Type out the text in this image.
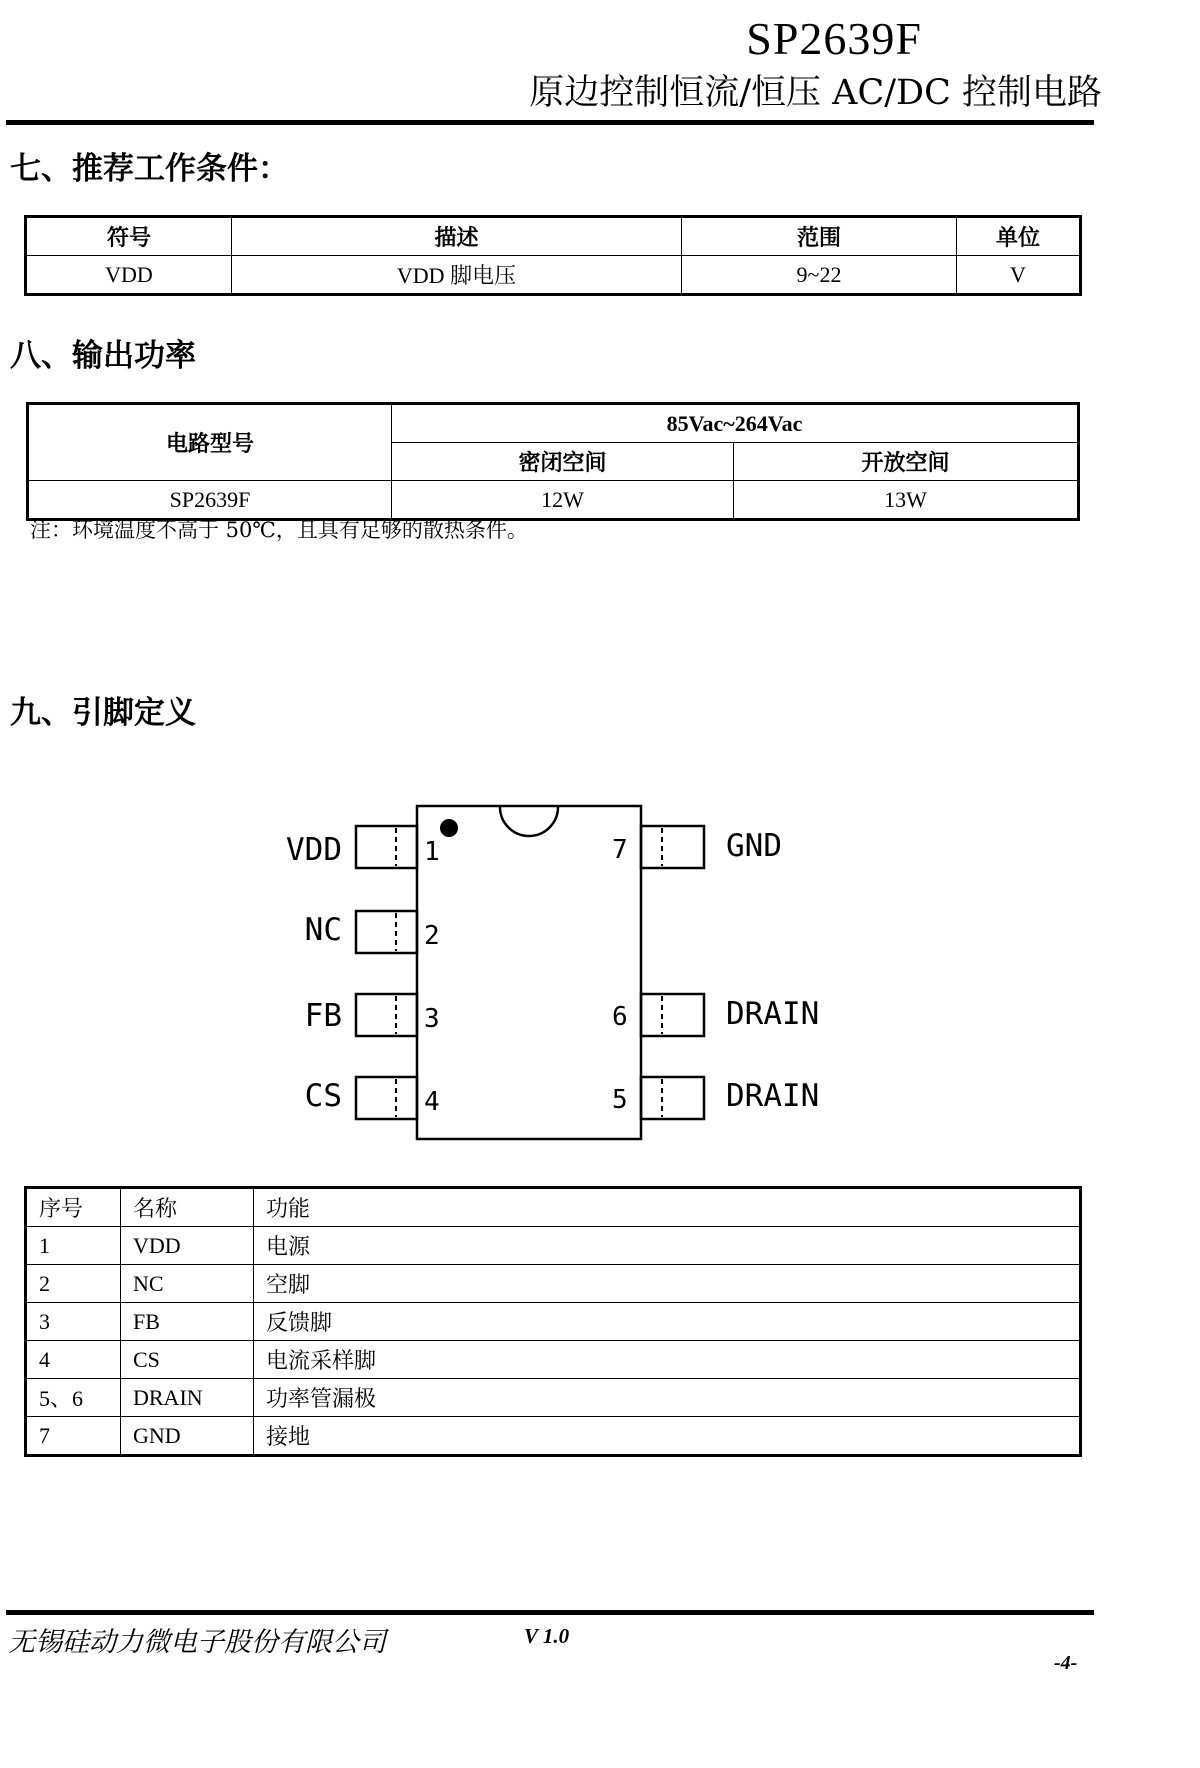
SP2639F
原边控制恒流/恒压 AC/DC 控制电路
七、推荐工作条件：
符号	描述	范围	单位
VDD	VDD 脚电压	9~22	V
八、输出功率
电路型号	85Vac~264Vac	
	密闭空间	开放空间
SP2639F	12W	13W
注：环境温度不高于 50℃，且具有足够的散热条件。
九、引脚定义
1
2
3
4
7
6
5
VDD
NC
FB
CS
GND
DRAIN
DRAIN
序号	名称	功能
1	VDD	电源
2	NC	空脚
3	FB	反馈脚
4	CS	电流采样脚
5、6	DRAIN	功率管漏极
7	GND	接地
无锡硅动力微电子股份有限公司	V 1.0
-4-
